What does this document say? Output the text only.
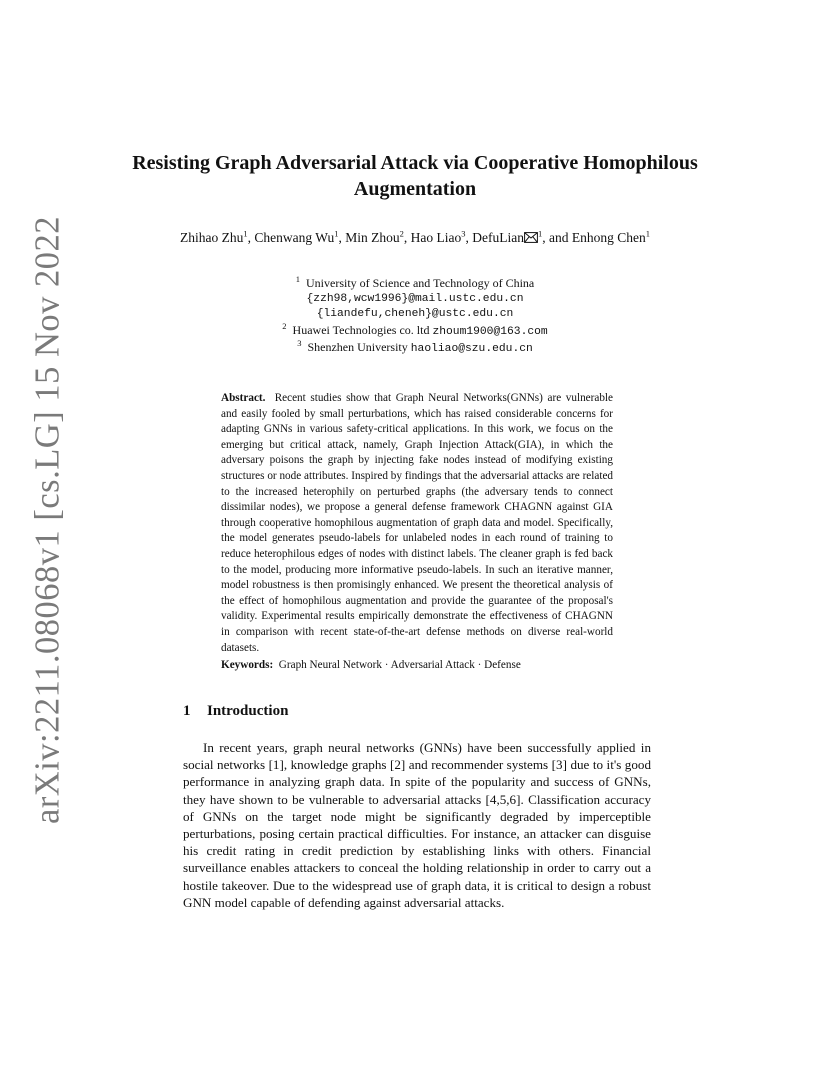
arXiv:2211.08068v1 [cs.LG] 15 Nov 2022
Resisting Graph Adversarial Attack via Cooperative Homophilous Augmentation
Zhihao Zhu$^1$, Chenwang Wu$^1$, Min Zhou$^2$, Hao Liao$^3$, DefuLian $^1$, and Enhong Chen$^1$
$^1$ University of Science and Technology of China
{zzh98,wcw1996}@mail.ustc.edu.cn
{liandefu,cheneh}@ustc.edu.cn
$^2$ Huawei Technologies co. ltd zhoum1900@163.com
$^3$ Shenzhen University haoliao@szu.edu.cn
Abstract. Recent studies show that Graph Neural Networks(GNNs) are vulnerable and easily fooled by small perturbations, which has raised considerable concerns for adapting GNNs in various safety-critical applications. In this work, we focus on the emerging but critical attack, namely, Graph Injection Attack(GIA), in which the adversary poisons the graph by injecting fake nodes instead of modifying existing structures or node attributes. Inspired by findings that the adversarial attacks are related to the increased heterophily on perturbed graphs (the adversary tends to connect dissimilar nodes), we propose a general defense framework CHAGNN against GIA through cooperative homophilous augmentation of graph data and model. Specifically, the model generates pseudo-labels for unlabeled nodes in each round of training to reduce heterophilous edges of nodes with distinct labels. The cleaner graph is fed back to the model, producing more informative pseudo-labels. In such an iterative manner, model robustness is then promisingly enhanced. We present the theoretical analysis of the effect of homophilous augmentation and provide the guarantee of the proposal's validity. Experimental results empirically demonstrate the effectiveness of CHAGNN in comparison with recent state-of-the-art defense methods on diverse real-world datasets.
Keywords: Graph Neural Network · Adversarial Attack · Defense
1 Introduction

In recent years, graph neural networks (GNNs) have been successfully applied in social networks [1], knowledge graphs [2] and recommender systems [3] due to it's good performance in analyzing graph data. In spite of the popularity and success of GNNs, they have shown to be vulnerable to adversarial attacks [4,5,6]. Classification accuracy of GNNs on the target node might be significantly degraded by imperceptible perturbations, posing certain practical difficulties. For instance, an attacker can disguise his credit rating in credit prediction by establishing links with others. Financial surveillance enables attackers to conceal the holding relationship in order to carry out a hostile takeover. Due to the widespread use of graph data, it is critical to design a robust GNN model capable of defending against adversarial attacks.
